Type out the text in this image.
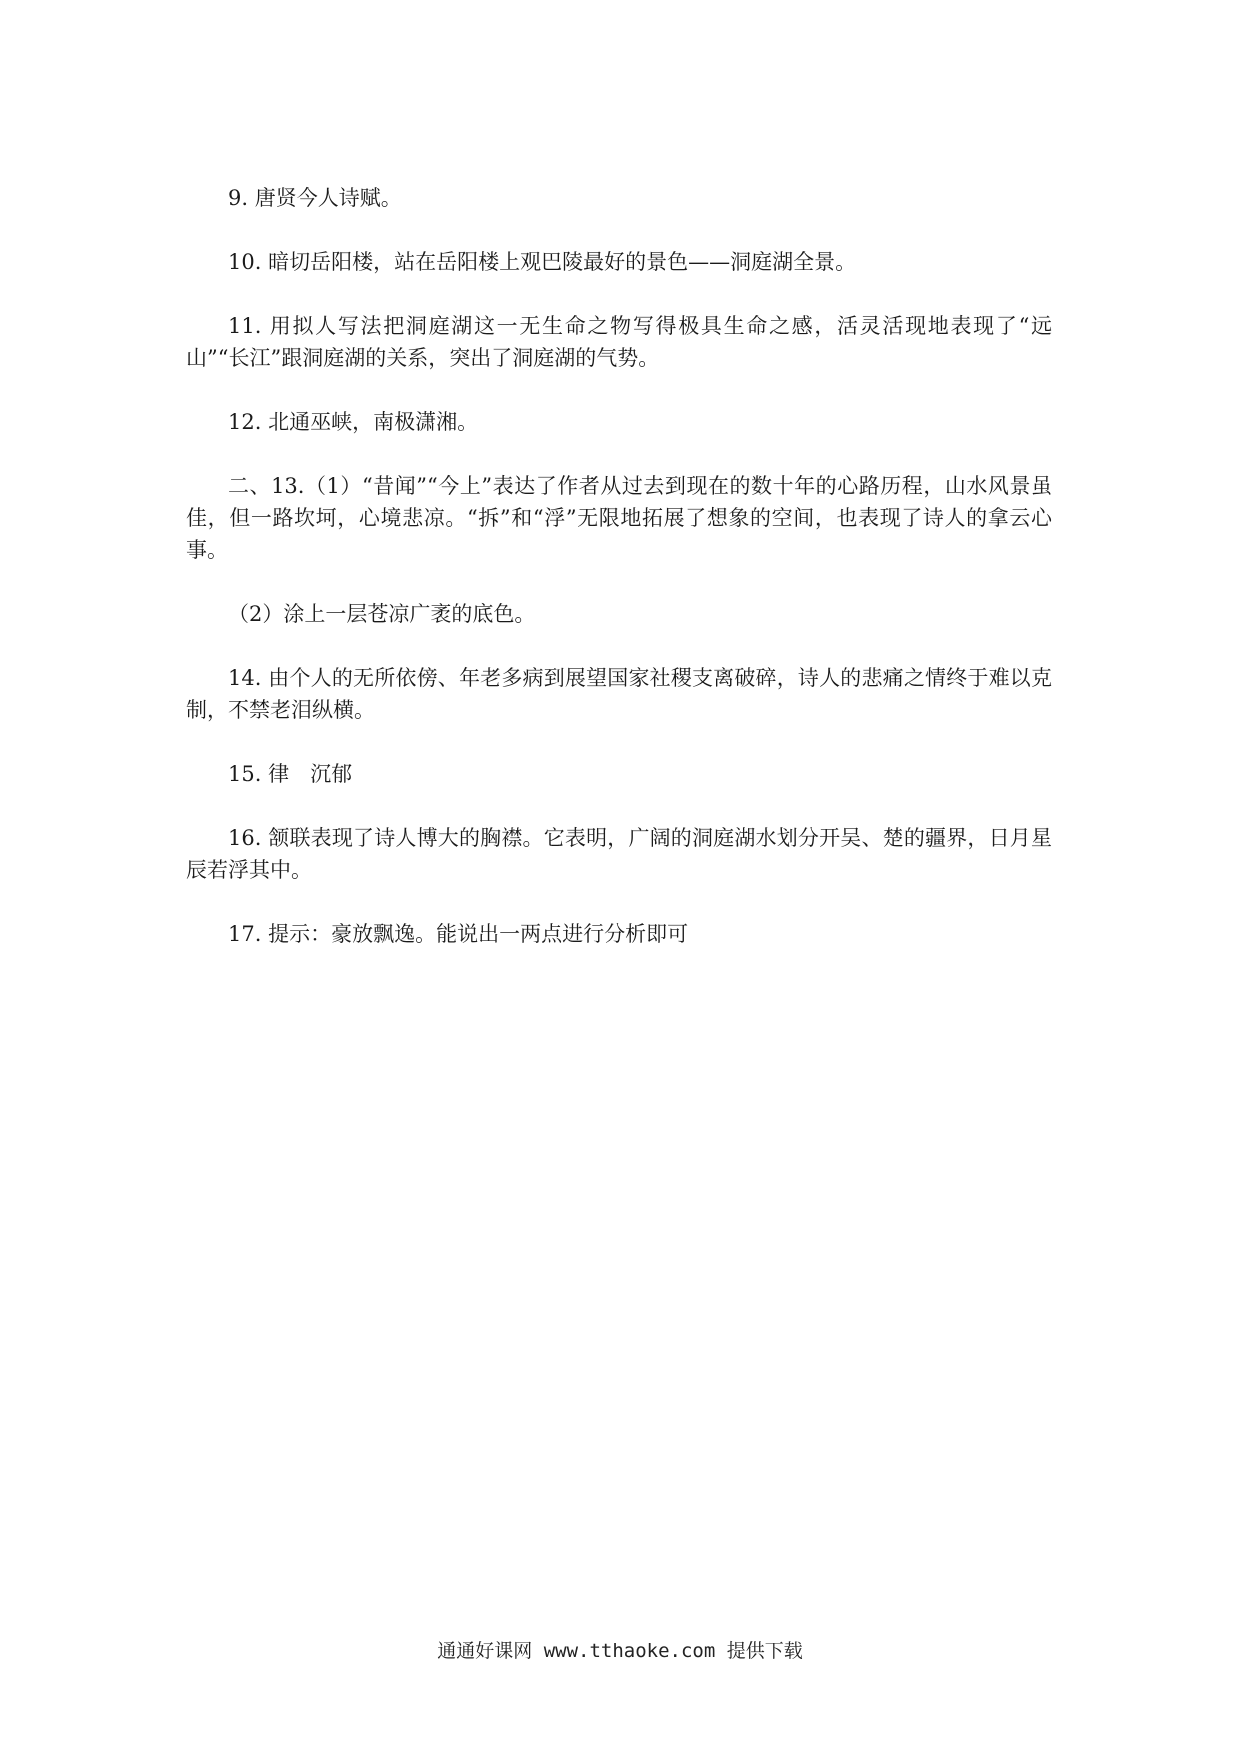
9. 唐贤今人诗赋。

10. 暗切岳阳楼，站在岳阳楼上观巴陵最好的景色——洞庭湖全景。

11. 用拟人写法把洞庭湖这一无生命之物写得极具生命之感，活灵活现地表现了“远山”“长江”跟洞庭湖的关系，突出了洞庭湖的气势。

12. 北通巫峡，南极潇湘。

二、13.（1）“昔闻”“今上”表达了作者从过去到现在的数十年的心路历程，山水风景虽佳，但一路坎坷，心境悲凉。“拆”和“浮”无限地拓展了想象的空间，也表现了诗人的拿云心事。

（2）涂上一层苍凉广袤的底色。

14. 由个人的无所依傍、年老多病到展望国家社稷支离破碎，诗人的悲痛之情终于难以克制，不禁老泪纵横。

15. 律　沉郁

16. 颔联表现了诗人博大的胸襟。它表明，广阔的洞庭湖水划分开吴、楚的疆界，日月星辰若浮其中。

17. 提示：豪放飘逸。能说出一两点进行分析即可

通通好课网 www.tthaoke.com 提供下载
